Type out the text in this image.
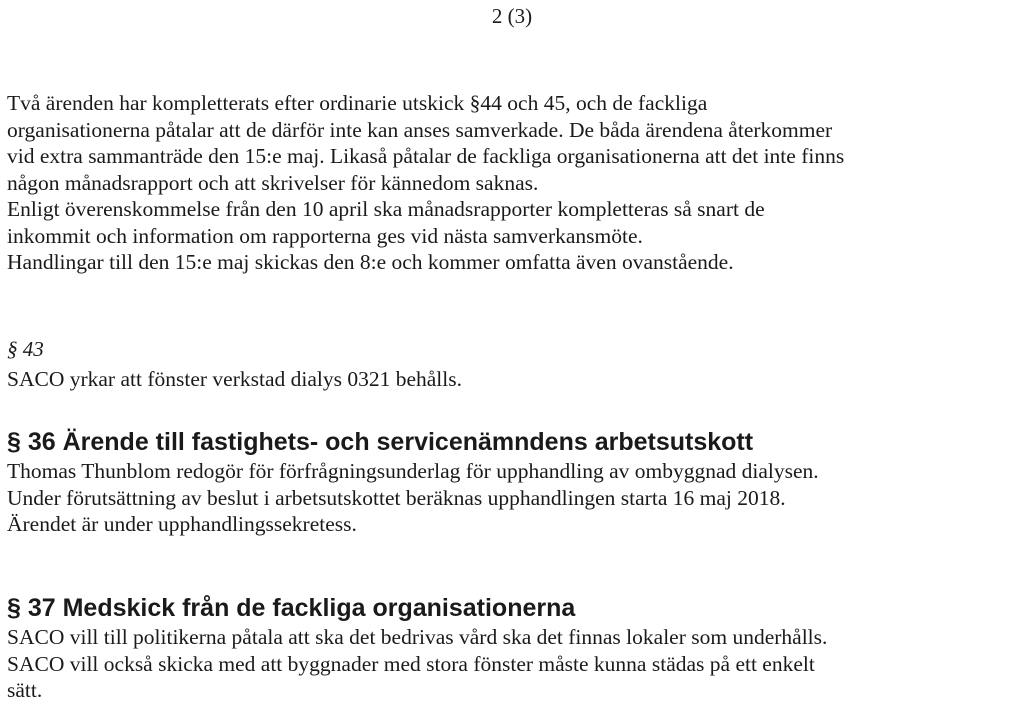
2 (3)
Två ärenden har kompletterats efter ordinarie utskick §44 och 45, och de fackliga
organisationerna påtalar att de därför inte kan anses samverkade. De båda ärendena återkommer
vid extra sammanträde den 15:e maj. Likaså påtalar de fackliga organisationerna att det inte finns
någon månadsrapport och att skrivelser för kännedom saknas.
Enligt överenskommelse från den 10 april ska månadsrapporter kompletteras så snart de
inkommit och information om rapporterna ges vid nästa samverkansmöte.
Handlingar till den 15:e maj skickas den 8:e och kommer omfatta även ovanstående.
§ 43
SACO yrkar att fönster verkstad dialys 0321 behålls.
§ 36 Ärende till fastighets- och servicenämndens arbetsutskott
Thomas Thunblom redogör för förfrågningsunderlag för upphandling av ombyggnad dialysen.
Under förutsättning av beslut i arbetsutskottet beräknas upphandlingen starta 16 maj 2018.
Ärendet är under upphandlingssekretess.
§ 37 Medskick från de fackliga organisationerna
SACO vill till politikerna påtala att ska det bedrivas vård ska det finnas lokaler som underhålls.
SACO vill också skicka med att byggnader med stora fönster måste kunna städas på ett enkelt
sätt.
